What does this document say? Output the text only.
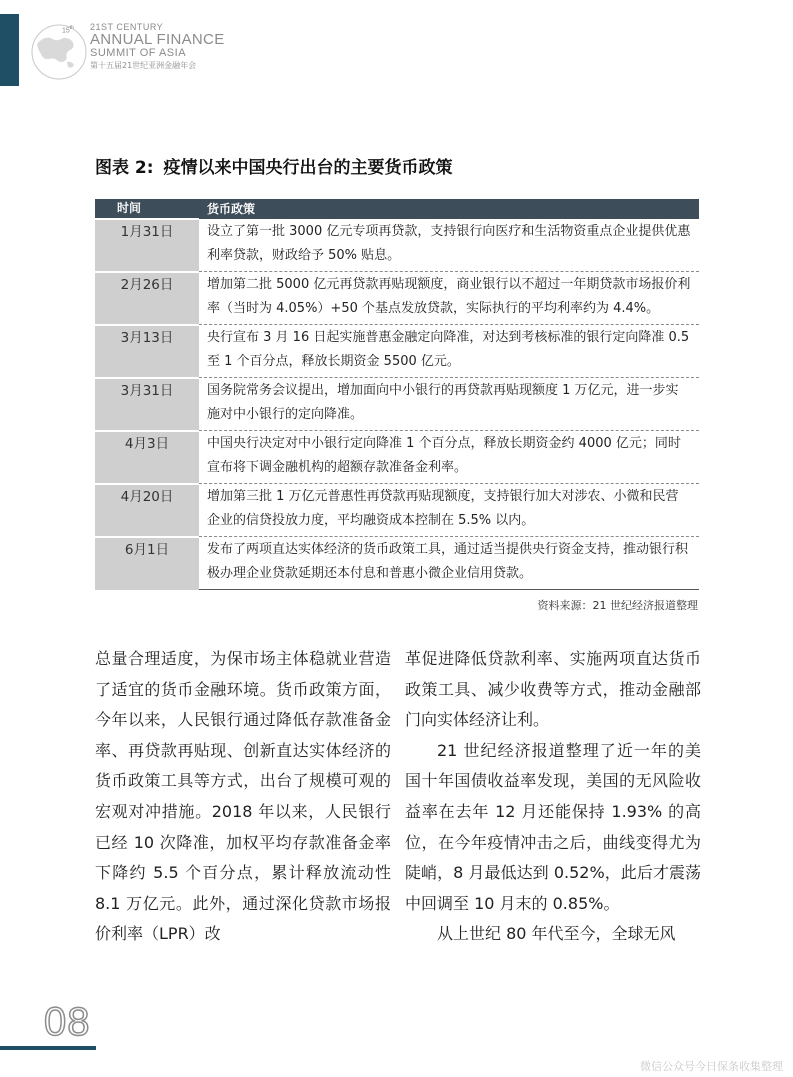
15th 21ST CENTURY
ANNUAL FINANCE
SUMMIT OF ASIA
第十五届21世纪亚洲金融年会
图表 2: 疫情以来中国央行出台的主要货币政策
时间	货币政策
1月31日	设立了第一批 3000 亿元专项再贷款，支持银行向医疗和生活物资重点企业提供优惠利率贷款，财政给予 50% 贴息。
2月26日	增加第二批 5000 亿元再贷款再贴现额度，商业银行以不超过一年期贷款市场报价利率（当时为 4.05%）+50 个基点发放贷款，实际执行的平均利率约为 4.4%。
3月13日	央行宣布 3 月 16 日起实施普惠金融定向降准，对达到考核标准的银行定向降准 0.5 至 1 个百分点，释放长期资金 5500 亿元。
3月31日	国务院常务会议提出，增加面向中小银行的再贷款再贴现额度 1 万亿元，进一步实施对中小银行的定向降准。
4月3日	中国央行决定对中小银行定向降准 1 个百分点，释放长期资金约 4000 亿元；同时宣布将下调金融机构的超额存款准备金利率。
4月20日	增加第三批 1 万亿元普惠性再贷款再贴现额度，支持银行加大对涉农、小微和民营企业的信贷投放力度，平均融资成本控制在 5.5% 以内。
6月1日	发布了两项直达实体经济的货币政策工具，通过适当提供央行资金支持，推动银行积极办理企业贷款延期还本付息和普惠小微企业信用贷款。
资料来源：21 世纪经济报道整理

总量合理适度，为保市场主体稳就业营造了适宜的货币金融环境。货币政策方面，今年以来，人民银行通过降低存款准备金率、再贷款再贴现、创新直达实体经济的货币政策工具等方式，出台了规模可观的宏观对冲措施。2018 年以来，人民银行已经 10 次降准，加权平均存款准备金率下降约 5.5 个百分点，累计释放流动性 8.1 万亿元。此外，通过深化贷款市场报价利率（LPR）改

革促进降低贷款利率、实施两项直达货币政策工具、减少收费等方式，推动金融部门向实体经济让利。

21 世纪经济报道整理了近一年的美国十年国债收益率发现，美国的无风险收益率在去年 12 月还能保持 1.93% 的高位，在今年疫情冲击之后，曲线变得尤为陡峭，8 月最低达到 0.52%，此后才震荡中回调至 10 月末的 0.85%。

从上世纪 80 年代至今，全球无风

08
微信公众号今日保条收集整理
